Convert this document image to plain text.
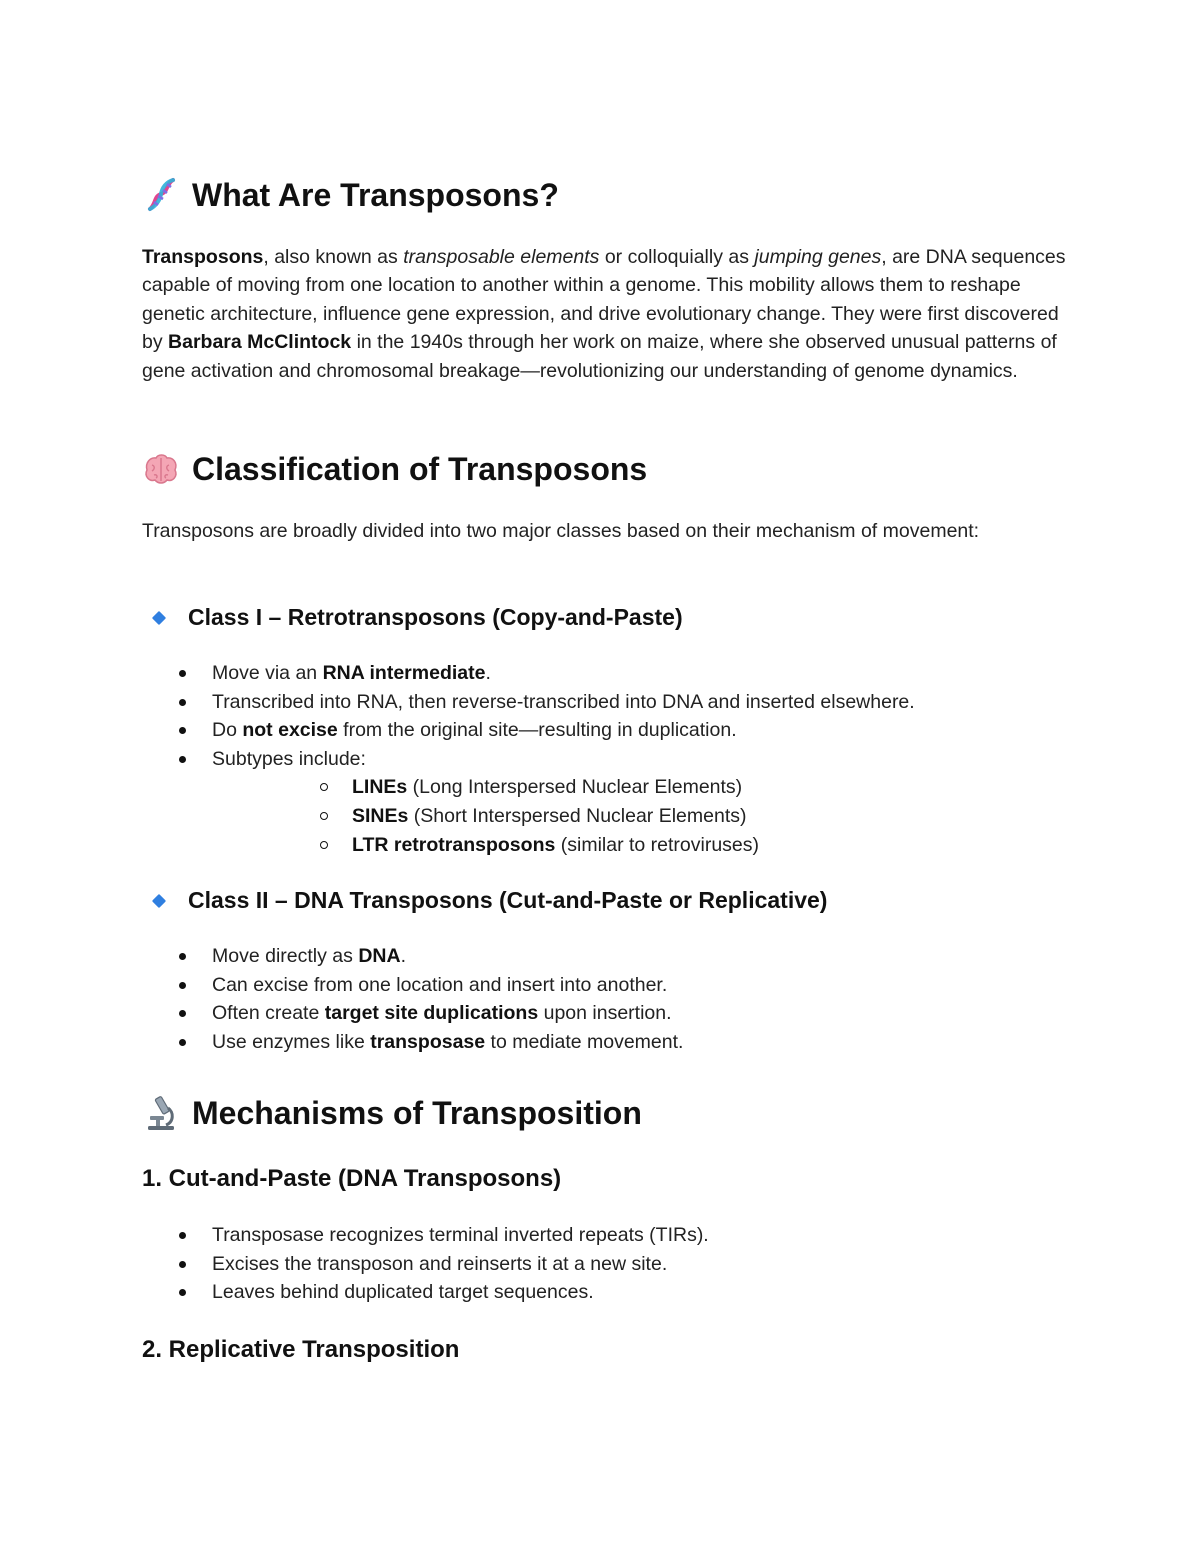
What Are Transposons?
Transposons, also known as transposable elements or colloquially as jumping genes, are DNA sequences capable of moving from one location to another within a genome. This mobility allows them to reshape genetic architecture, influence gene expression, and drive evolutionary change. They were first discovered by Barbara McClintock in the 1940s through her work on maize, where she observed unusual patterns of gene activation and chromosomal breakage—revolutionizing our understanding of genome dynamics.
Classification of Transposons
Transposons are broadly divided into two major classes based on their mechanism of movement:
Class I – Retrotransposons (Copy-and-Paste)
Move via an RNA intermediate.
Transcribed into RNA, then reverse-transcribed into DNA and inserted elsewhere.
Do not excise from the original site—resulting in duplication.
Subtypes include:
LINEs (Long Interspersed Nuclear Elements)
SINEs (Short Interspersed Nuclear Elements)
LTR retrotransposons (similar to retroviruses)
Class II – DNA Transposons (Cut-and-Paste or Replicative)
Move directly as DNA.
Can excise from one location and insert into another.
Often create target site duplications upon insertion.
Use enzymes like transposase to mediate movement.
Mechanisms of Transposition
1. Cut-and-Paste (DNA Transposons)
Transposase recognizes terminal inverted repeats (TIRs).
Excises the transposon and reinserts it at a new site.
Leaves behind duplicated target sequences.
2. Replicative Transposition
